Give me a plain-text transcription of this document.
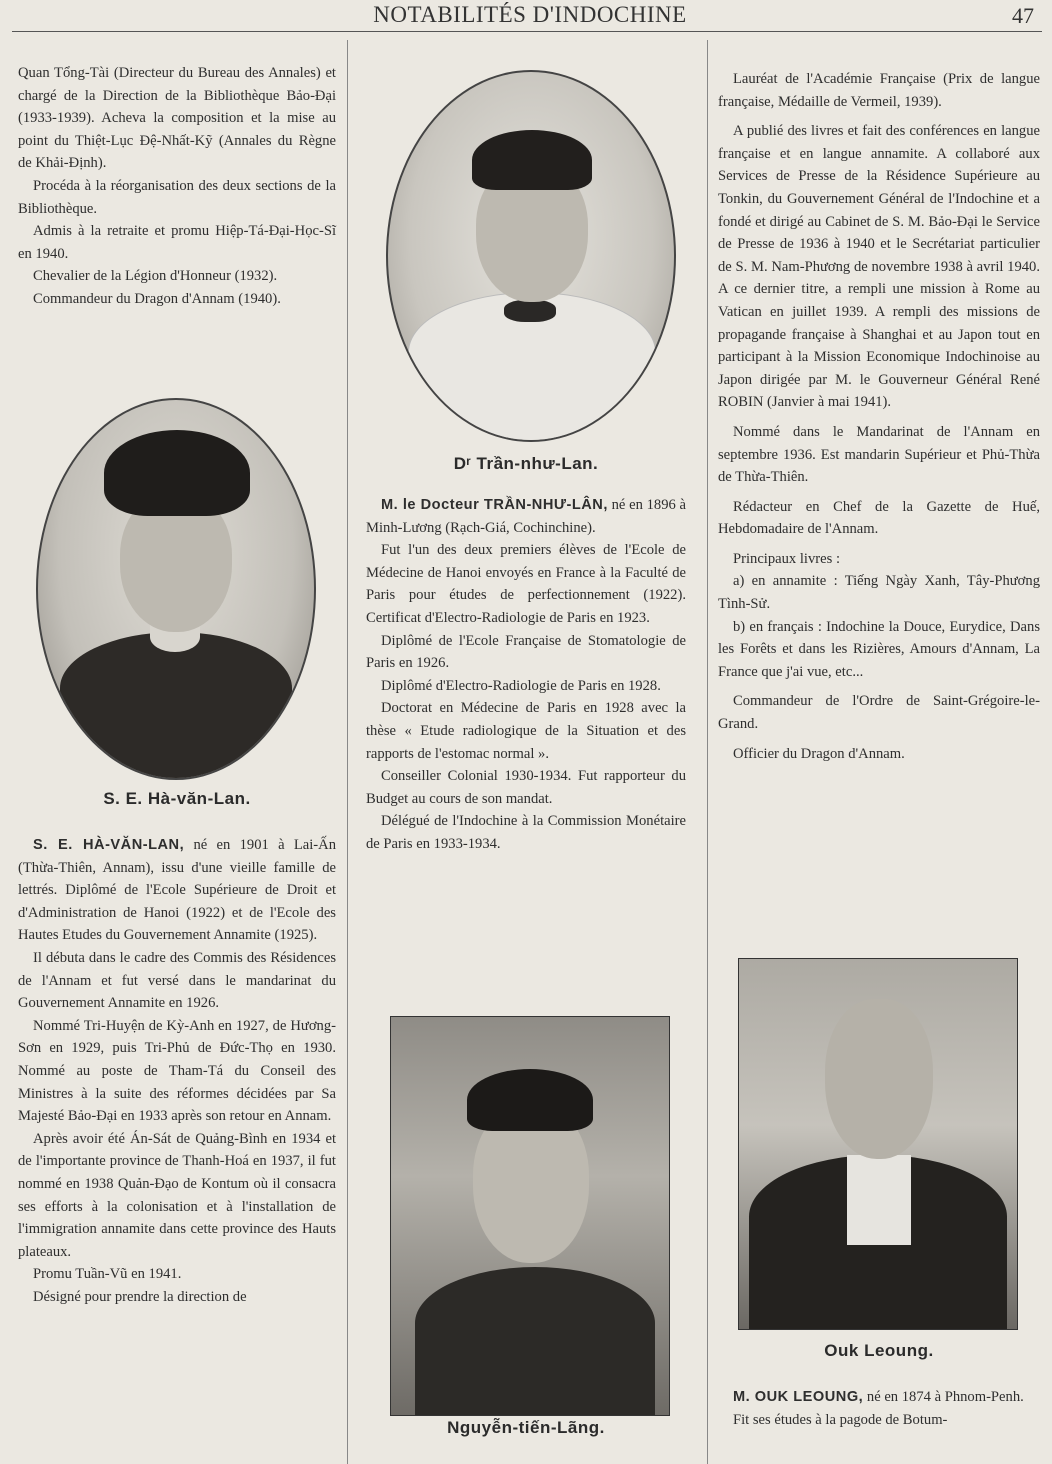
NOTABILITÉS D'INDOCHINE	47

Quan Tổng-Tài (Directeur du Bureau des Annales) et chargé de la Direction de la Bibliothèque Bảo-Đại (1933-1939). Acheva la composition et la mise au point du Thiệt-Lục Đệ-Nhất-Kỹ (Annales du Règne de Khải-Định).

Procéda à la réorganisation des deux sections de la Bibliothèque.

Admis à la retraite et promu Hiệp-Tá-Đại-Học-Sĩ en 1940.

Chevalier de la Légion d'Honneur (1932).

Commandeur du Dragon d'Annam (1940).

S. E. Hà-văn-Lan.

S. E. HÀ-VĂN-LAN, né en 1901 à Lai-Ấn (Thừa-Thiên, Annam), issu d'une vieille famille de lettrés. Diplômé de l'Ecole Supérieure de Droit et d'Administration de Hanoi (1922) et de l'Ecole des Hautes Etudes du Gouvernement Annamite (1925).

Il débuta dans le cadre des Commis des Résidences de l'Annam et fut versé dans le mandarinat du Gouvernement Annamite en 1926.

Nommé Tri-Huyện de Kỳ-Anh en 1927, de Hương-Sơn en 1929, puis Tri-Phủ de Đức-Thọ en 1930. Nommé au poste de Tham-Tá du Conseil des Ministres à la suite des réformes décidées par Sa Majesté Bảo-Đại en 1933 après son retour en Annam.

Après avoir été Án-Sát de Quảng-Bình en 1934 et de l'importante province de Thanh-Hoá en 1937, il fut nommé en 1938 Quản-Đạo de Kontum où il consacra ses efforts à la colonisation et à l'installation de l'immigration annamite dans cette province des Hauts plateaux.

Promu Tuần-Vũ en 1941.

Désigné pour prendre la direction de

Dʳ Trần-như-Lan.

M. le Docteur TRẦN-NHƯ-LÂN, né en 1896 à Minh-Lương (Rạch-Giá, Cochinchine).

Fut l'un des deux premiers élèves de l'Ecole de Médecine de Hanoi envoyés en France à la Faculté de Paris pour études de perfectionnement (1922). Certificat d'Electro-Radiologie de Paris en 1923.

Diplômé de l'Ecole Française de Stomatologie de Paris en 1926.

Diplômé d'Electro-Radiologie de Paris en 1928.

Doctorat en Médecine de Paris en 1928 avec la thèse « Etude radiologique de la Situation et des rapports de l'estomac normal ».

Conseiller Colonial 1930-1934. Fut rapporteur du Budget au cours de son mandat.

Délégué de l'Indochine à la Commission Monétaire de Paris en 1933-1934.

Nguyễn-tiến-Lãng.

Lauréat de l'Académie Française (Prix de langue française, Médaille de Vermeil, 1939).

A publié des livres et fait des conférences en langue française et en langue annamite. A collaboré aux Services de Presse de la Résidence Supérieure au Tonkin, du Gouvernement Général de l'Indochine et a fondé et dirigé au Cabinet de S. M. Bảo-Đại le Service de Presse de 1936 à 1940 et le Secrétariat particulier de S. M. Nam-Phương de novembre 1938 à avril 1940. A ce dernier titre, a rempli une mission à Rome au Vatican en juillet 1939. A rempli des missions de propagande française à Shanghai et au Japon tout en participant à la Mission Economique Indochinoise au Japon dirigée par M. le Gouverneur Général René ROBIN (Janvier à mai 1941).

Nommé dans le Mandarinat de l'Annam en septembre 1936. Est mandarin Supérieur et Phủ-Thừa de Thừa-Thiên.

Rédacteur en Chef de la Gazette de Huế, Hebdomadaire de l'Annam.

Principaux livres :

a) en annamite : Tiếng Ngày Xanh, Tây-Phương Tình-Sử.

b) en français : Indochine la Douce, Eurydice, Dans les Forêts et dans les Rizières, Amours d'Annam, La France que j'ai vue, etc...

Commandeur de l'Ordre de Saint-Grégoire-le-Grand.

Officier du Dragon d'Annam.

Ouk Leoung.

M. OUK LEOUNG, né en 1874 à Phnom-Penh.

Fit ses études à la pagode de Botum-
